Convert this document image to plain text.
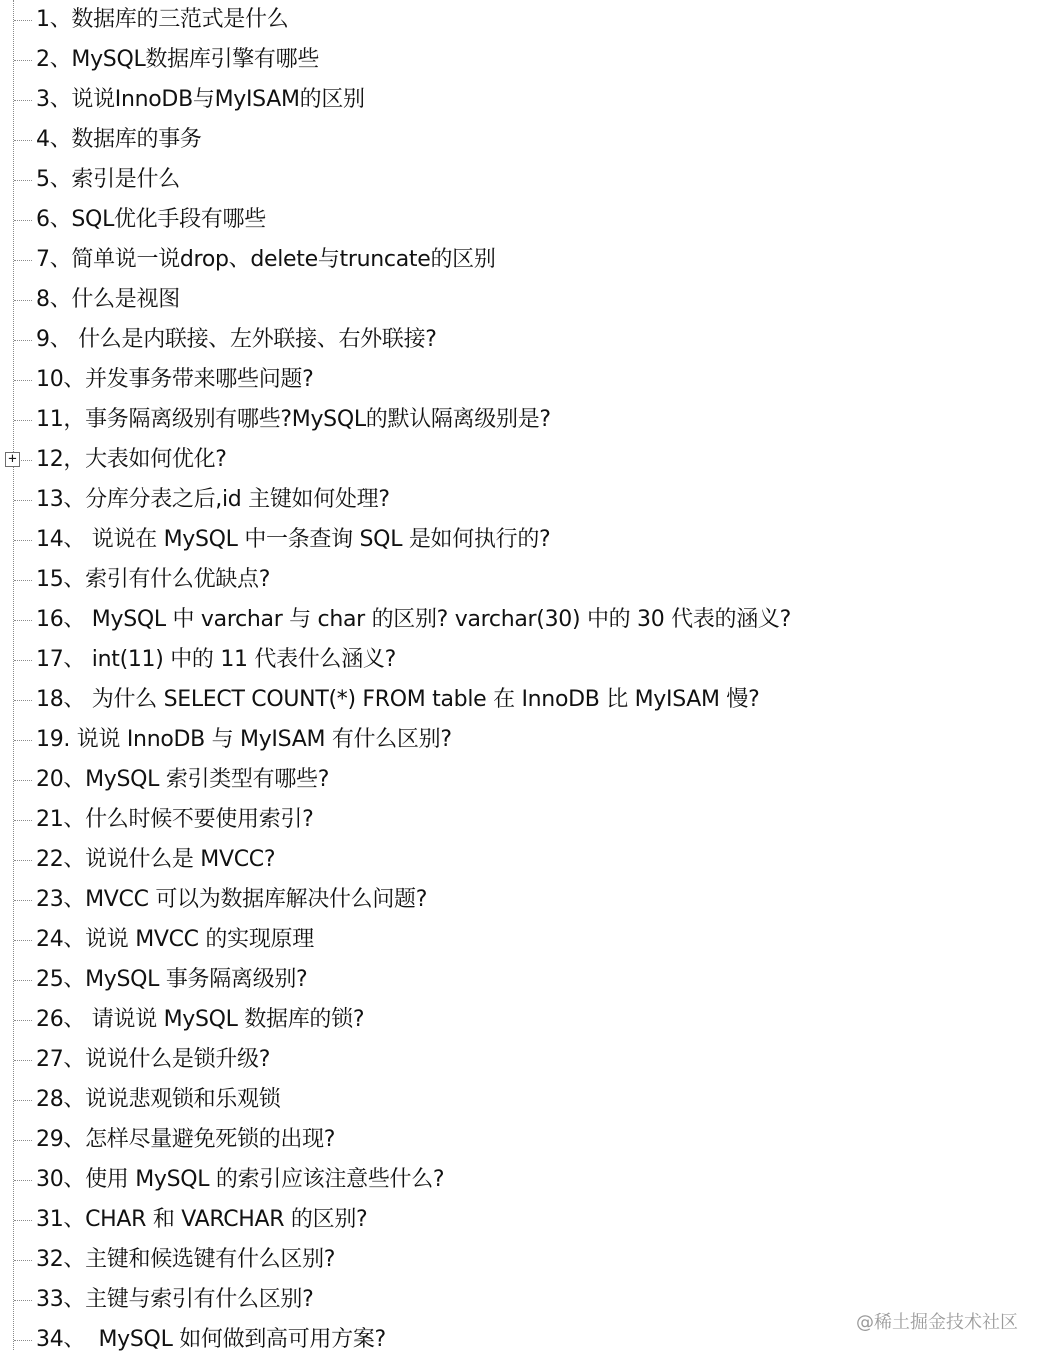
1、数据库的三范式是什么
2、MySQL数据库引擎有哪些
3、说说InnoDB与MyISAM的区别
4、数据库的事务
5、索引是什么
6、SQL优化手段有哪些
7、简单说一说drop、delete与truncate的区别
8、什么是视图
9、 什么是内联接、左外联接、右外联接?
10、并发事务带来哪些问题?
11，事务隔离级别有哪些?MySQL的默认隔离级别是?
+ 12，大表如何优化?
13、分库分表之后,id 主键如何处理?
14、 说说在 MySQL 中一条查询 SQL 是如何执行的?
15、索引有什么优缺点?
16、 MySQL 中 varchar 与 char 的区别? varchar(30) 中的 30 代表的涵义?
17、 int(11) 中的 11 代表什么涵义?
18、 为什么 SELECT COUNT(*) FROM table 在 InnoDB 比 MyISAM 慢?
19. 说说 InnoDB 与 MyISAM 有什么区别?
20、MySQL 索引类型有哪些?
21、什么时候不要使用索引?
22、说说什么是 MVCC?
23、MVCC 可以为数据库解决什么问题?
24、说说 MVCC 的实现原理
25、MySQL 事务隔离级别?
26、 请说说 MySQL 数据库的锁?
27、说说什么是锁升级?
28、说说悲观锁和乐观锁
29、怎样尽量避免死锁的出现?
30、使用 MySQL 的索引应该注意些什么?
31、CHAR 和 VARCHAR 的区别?
32、主键和候选键有什么区别?
33、主键与索引有什么区别?
34、  MySQL 如何做到高可用方案?
@稀土掘金技术社区
